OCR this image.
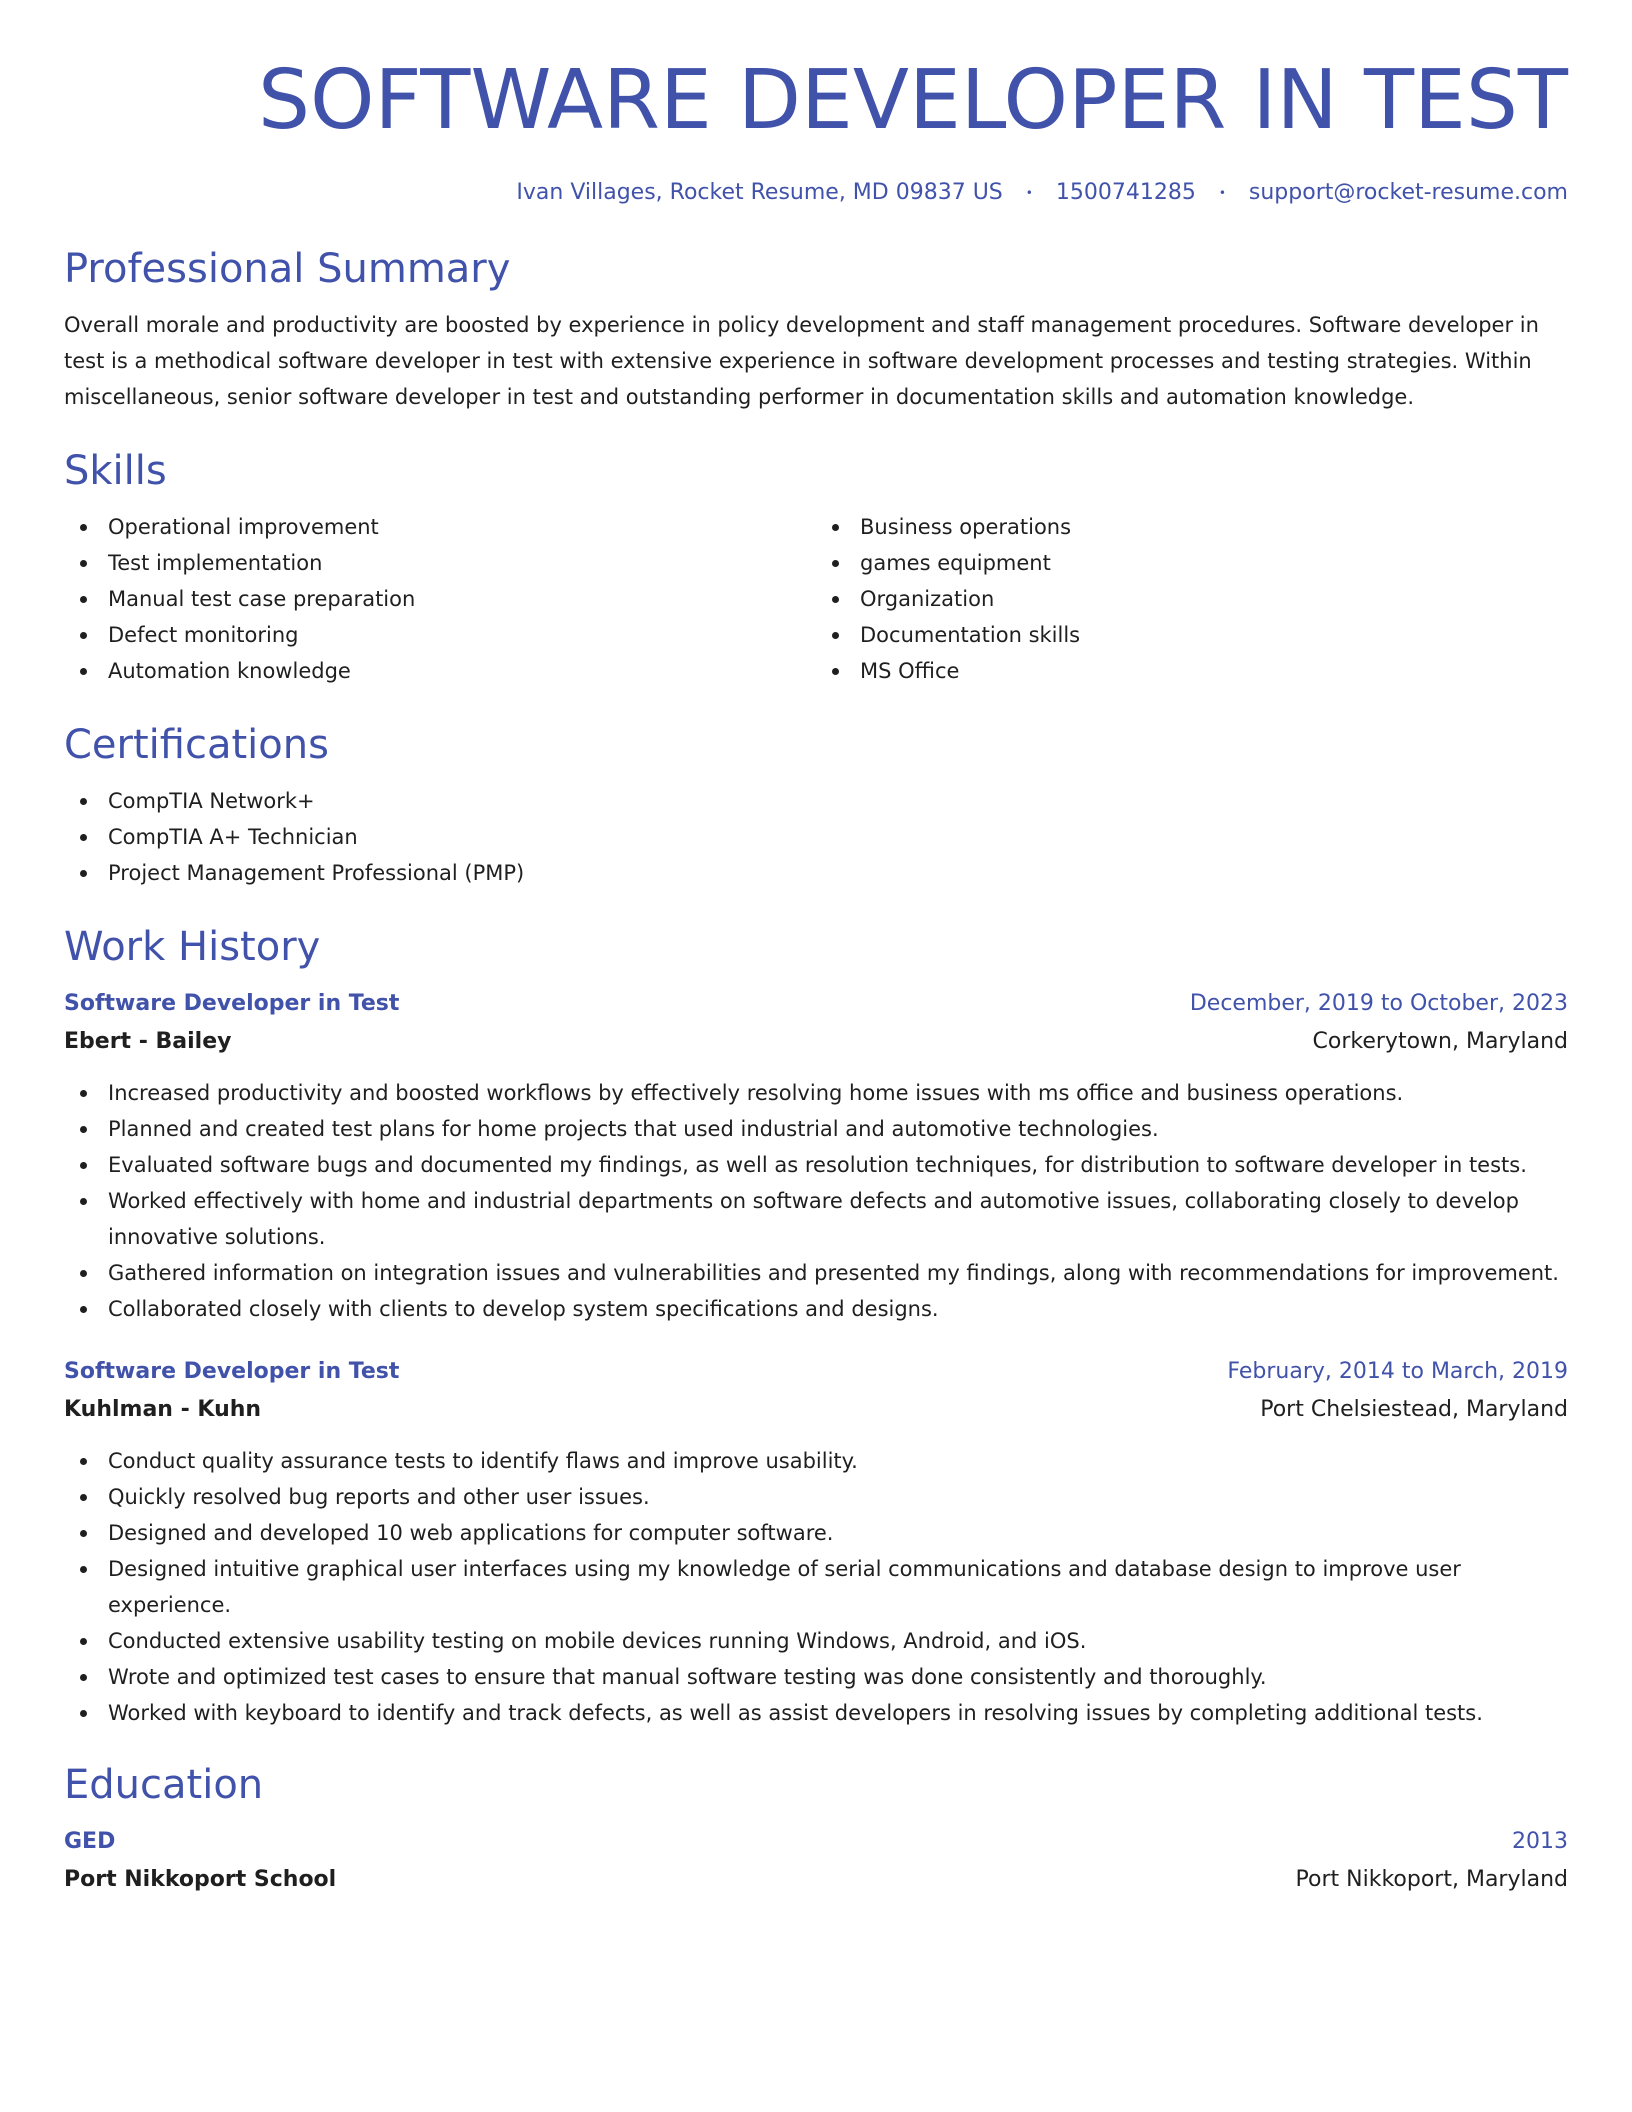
SOFTWARE DEVELOPER IN TEST
Ivan Villages, Rocket Resume, MD 09837 US • 1500741285 • support@rocket-resume.com
Professional Summary

Overall morale and productivity are boosted by experience in policy development and staff management procedures. Software developer in test is a methodical software developer in test with extensive experience in software development processes and testing strategies. Within miscellaneous, senior software developer in test and outstanding performer in documentation skills and automation knowledge.

Skills
Operational improvement
Test implementation
Manual test case preparation
Defect monitoring
Automation knowledge
Business operations
games equipment
Organization
Documentation skills
MS Office
Certifications
CompTIA Network+
CompTIA A+ Technician
Project Management Professional (PMP)
Work History
Software Developer in Test	December, 2019 to October, 2023
Ebert - Bailey	Corkerytown, Maryland
Increased productivity and boosted workflows by effectively resolving home issues with ms office and business operations.
Planned and created test plans for home projects that used industrial and automotive technologies.
Evaluated software bugs and documented my findings, as well as resolution techniques, for distribution to software developer in tests.
Worked effectively with home and industrial departments on software defects and automotive issues, collaborating closely to develop innovative solutions.
Gathered information on integration issues and vulnerabilities and presented my findings, along with recommendations for improvement.
Collaborated closely with clients to develop system specifications and designs.
Software Developer in Test	February, 2014 to March, 2019
Kuhlman - Kuhn	Port Chelsiestead, Maryland
Conduct quality assurance tests to identify flaws and improve usability.
Quickly resolved bug reports and other user issues.
Designed and developed 10 web applications for computer software.
Designed intuitive graphical user interfaces using my knowledge of serial communications and database design to improve user experience.
Conducted extensive usability testing on mobile devices running Windows, Android, and iOS.
Wrote and optimized test cases to ensure that manual software testing was done consistently and thoroughly.
Worked with keyboard to identify and track defects, as well as assist developers in resolving issues by completing additional tests.
Education
GED	2013
Port Nikkoport School	Port Nikkoport, Maryland
